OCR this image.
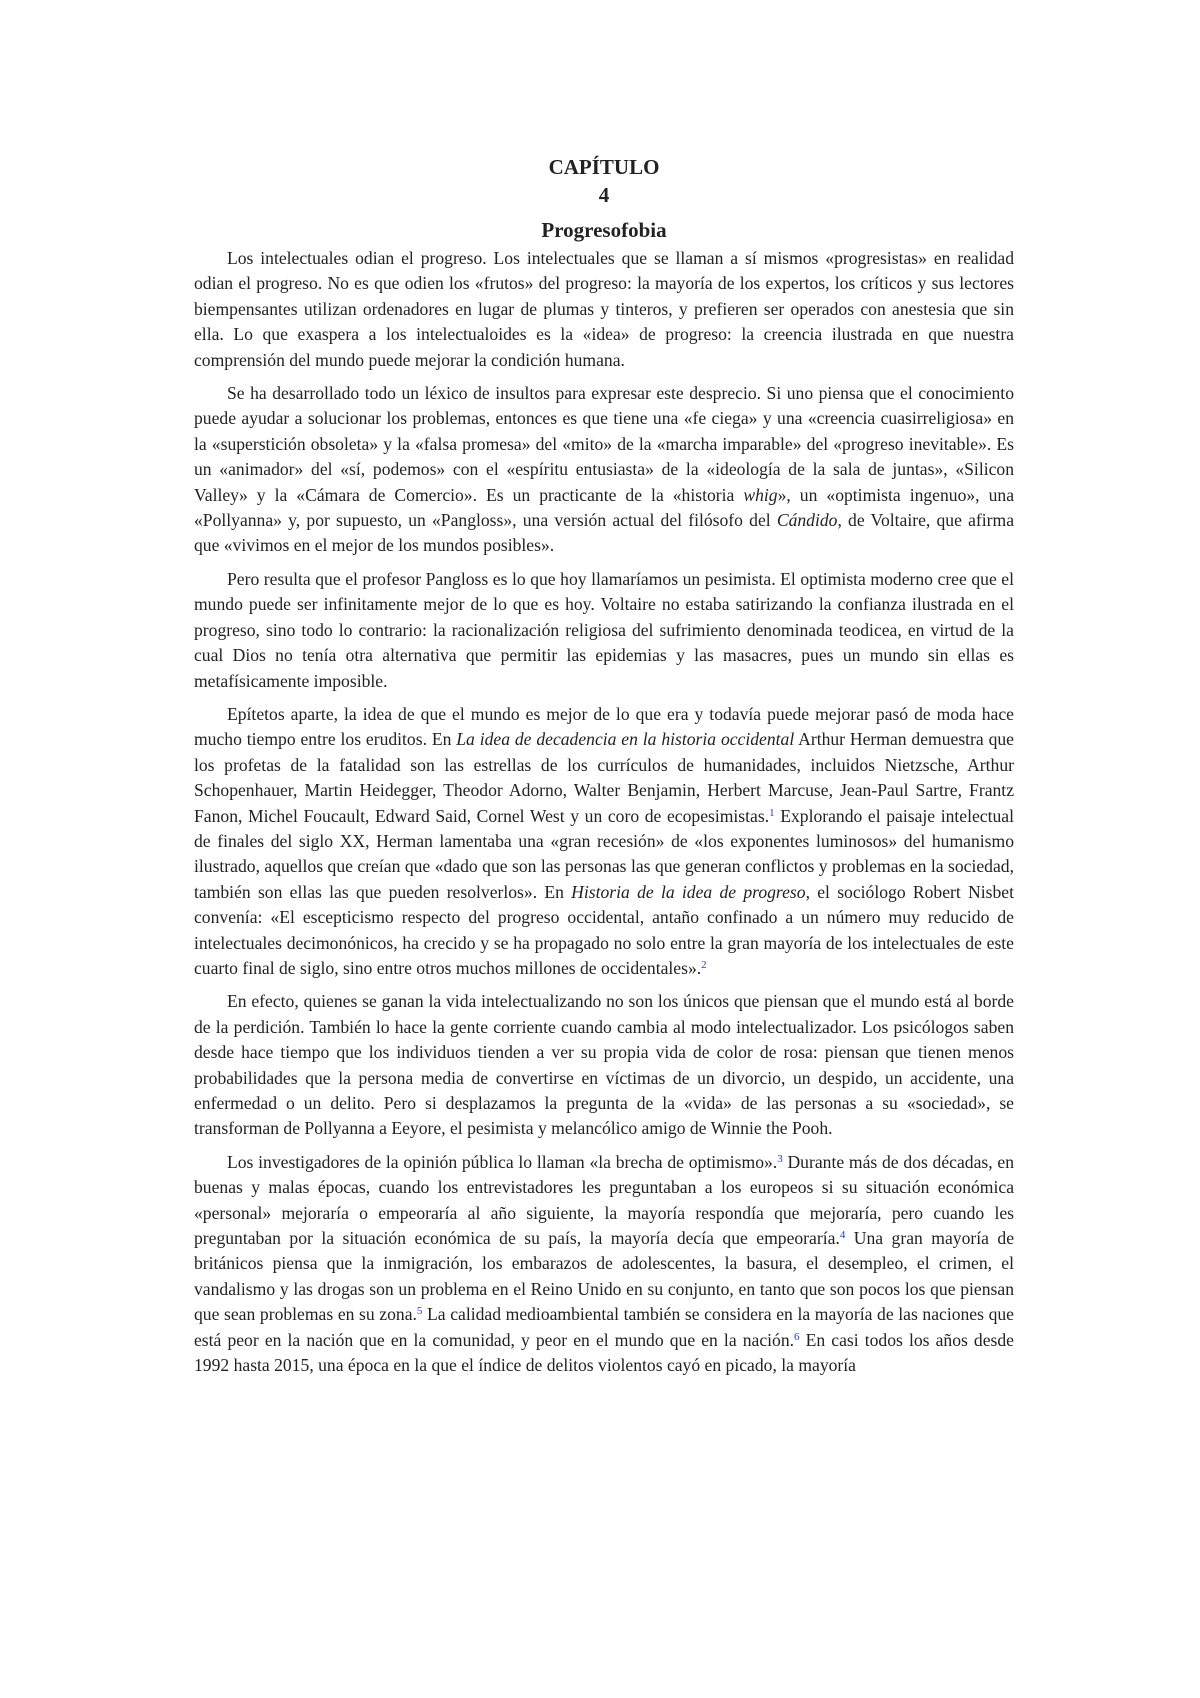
CAPÍTULO

4

Progresofobia

Los intelectuales odian el progreso. Los intelectuales que se llaman a sí mismos «progresistas» en realidad odian el progreso. No es que odien los «frutos» del progreso: la mayoría de los expertos, los críticos y sus lectores biempensantes utilizan ordenadores en lugar de plumas y tinteros, y prefieren ser operados con anestesia que sin ella. Lo que exaspera a los intelectualoides es la «idea» de progreso: la creencia ilustrada en que nuestra comprensión del mundo puede mejorar la condición humana.

Se ha desarrollado todo un léxico de insultos para expresar este desprecio. Si uno piensa que el conocimiento puede ayudar a solucionar los problemas, entonces es que tiene una «fe ciega» y una «creencia cuasirreligiosa» en la «superstición obsoleta» y la «falsa promesa» del «mito» de la «marcha imparable» del «progreso inevitable». Es un «animador» del «sí, podemos» con el «espíritu entusiasta» de la «ideología de la sala de juntas», «Silicon Valley» y la «Cámara de Comercio». Es un practicante de la «historia whig», un «optimista ingenuo», una «Pollyanna» y, por supuesto, un «Pangloss», una versión actual del filósofo del Cándido, de Voltaire, que afirma que «vivimos en el mejor de los mundos posibles».

Pero resulta que el profesor Pangloss es lo que hoy llamaríamos un pesimista. El optimista moderno cree que el mundo puede ser infinitamente mejor de lo que es hoy. Voltaire no estaba satirizando la confianza ilustrada en el progreso, sino todo lo contrario: la racionalización religiosa del sufrimiento denominada teodicea, en virtud de la cual Dios no tenía otra alternativa que permitir las epidemias y las masacres, pues un mundo sin ellas es metafísicamente imposible.

Epítetos aparte, la idea de que el mundo es mejor de lo que era y todavía puede mejorar pasó de moda hace mucho tiempo entre los eruditos. En La idea de decadencia en la historia occidental Arthur Herman demuestra que los profetas de la fatalidad son las estrellas de los currículos de humanidades, incluidos Nietzsche, Arthur Schopenhauer, Martin Heidegger, Theodor Adorno, Walter Benjamin, Herbert Marcuse, Jean-Paul Sartre, Frantz Fanon, Michel Foucault, Edward Said, Cornel West y un coro de ecopesimistas.$^1$ Explorando el paisaje intelectual de finales del siglo XX, Herman lamentaba una «gran recesión» de «los exponentes luminosos» del humanismo ilustrado, aquellos que creían que «dado que son las personas las que generan conflictos y problemas en la sociedad, también son ellas las que pueden resolverlos». En Historia de la idea de progreso, el sociólogo Robert Nisbet convenía: «El escepticismo respecto del progreso occidental, antaño confinado a un número muy reducido de intelectuales decimonónicos, ha crecido y se ha propagado no solo entre la gran mayoría de los intelectuales de este cuarto final de siglo, sino entre otros muchos millones de occidentales».$^2$

En efecto, quienes se ganan la vida intelectualizando no son los únicos que piensan que el mundo está al borde de la perdición. También lo hace la gente corriente cuando cambia al modo intelectualizador. Los psicólogos saben desde hace tiempo que los individuos tienden a ver su propia vida de color de rosa: piensan que tienen menos probabilidades que la persona media de convertirse en víctimas de un divorcio, un despido, un accidente, una enfermedad o un delito. Pero si desplazamos la pregunta de la «vida» de las personas a su «sociedad», se transforman de Pollyanna a Eeyore, el pesimista y melancólico amigo de Winnie the Pooh.

Los investigadores de la opinión pública lo llaman «la brecha de optimismo».$^3$ Durante más de dos décadas, en buenas y malas épocas, cuando los entrevistadores les preguntaban a los europeos si su situación económica «personal» mejoraría o empeoraría al año siguiente, la mayoría respondía que mejoraría, pero cuando les preguntaban por la situación económica de su país, la mayoría decía que empeoraría.$^4$ Una gran mayoría de británicos piensa que la inmigración, los embarazos de adolescentes, la basura, el desempleo, el crimen, el vandalismo y las drogas son un problema en el Reino Unido en su conjunto, en tanto que son pocos los que piensan que sean problemas en su zona.$^5$ La calidad medioambiental también se considera en la mayoría de las naciones que está peor en la nación que en la comunidad, y peor en el mundo que en la nación.$^6$ En casi todos los años desde 1992 hasta 2015, una época en la que el índice de delitos violentos cayó en picado, la mayoría
